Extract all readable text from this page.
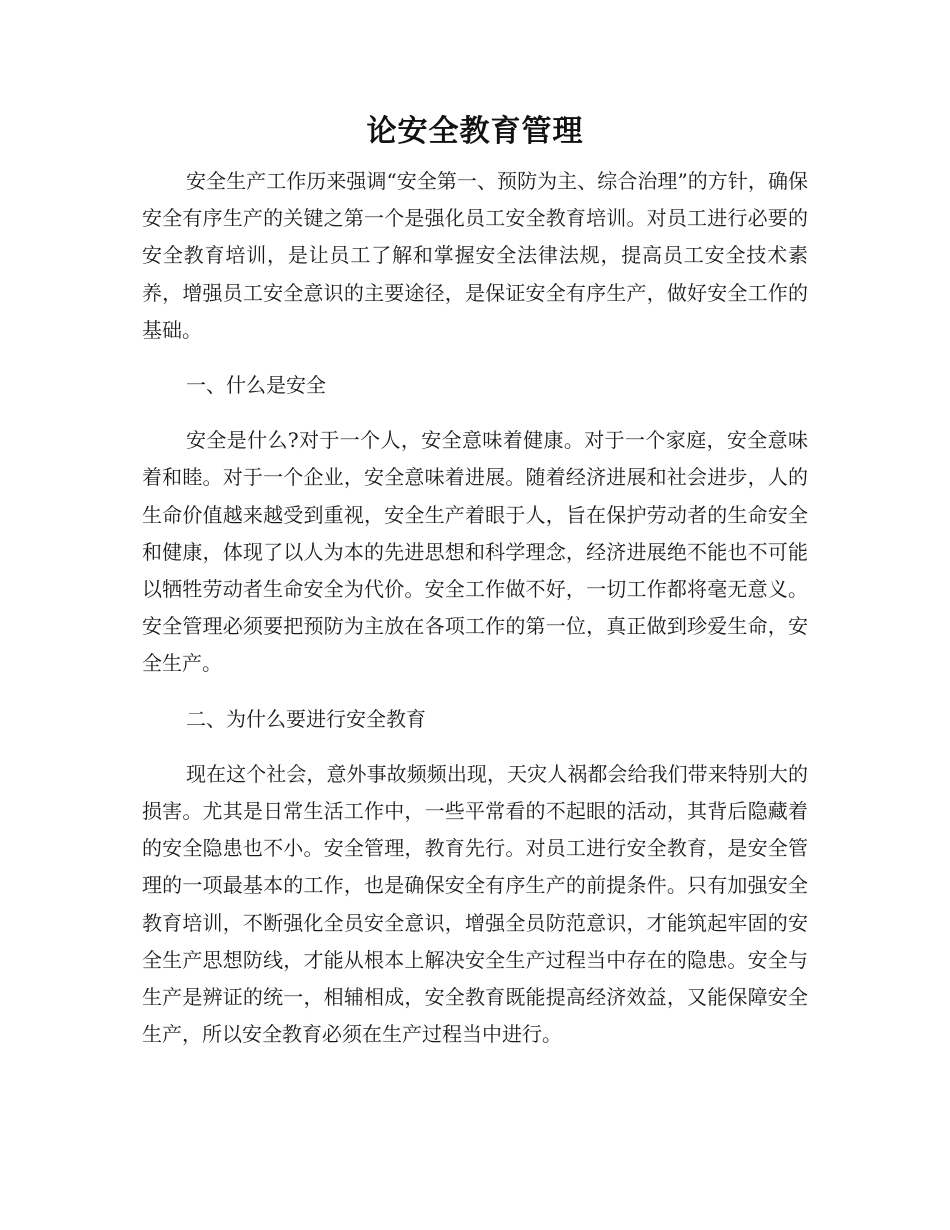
论安全教育管理

安全生产工作历来强调“安全第一、预防为主、综合治理”的方针，确保安全有序生产的关键之第一个是强化员工安全教育培训。对员工进行必要的安全教育培训，是让员工了解和掌握安全法律法规，提高员工安全技术素养，增强员工安全意识的主要途径，是保证安全有序生产，做好安全工作的基础。

一、什么是安全

安全是什么?对于一个人，安全意味着健康。对于一个家庭，安全意味着和睦。对于一个企业，安全意味着进展。随着经济进展和社会进步，人的生命价值越来越受到重视，安全生产着眼于人，旨在保护劳动者的生命安全和健康，体现了以人为本的先进思想和科学理念，经济进展绝不能也不可能以牺牲劳动者生命安全为代价。安全工作做不好，一切工作都将毫无意义。安全管理必须要把预防为主放在各项工作的第一位，真正做到珍爱生命，安全生产。

二、为什么要进行安全教育

现在这个社会，意外事故频频出现，天灾人祸都会给我们带来特别大的损害。尤其是日常生活工作中，一些平常看的不起眼的活动，其背后隐藏着的安全隐患也不小。安全管理，教育先行。对员工进行安全教育，是安全管理的一项最基本的工作，也是确保安全有序生产的前提条件。只有加强安全教育培训，不断强化全员安全意识，增强全员防范意识，才能筑起牢固的安全生产思想防线，才能从根本上解决安全生产过程当中存在的隐患。安全与生产是辨证的统一，相辅相成，安全教育既能提高经济效益，又能保障安全生产，所以安全教育必须在生产过程当中进行。
